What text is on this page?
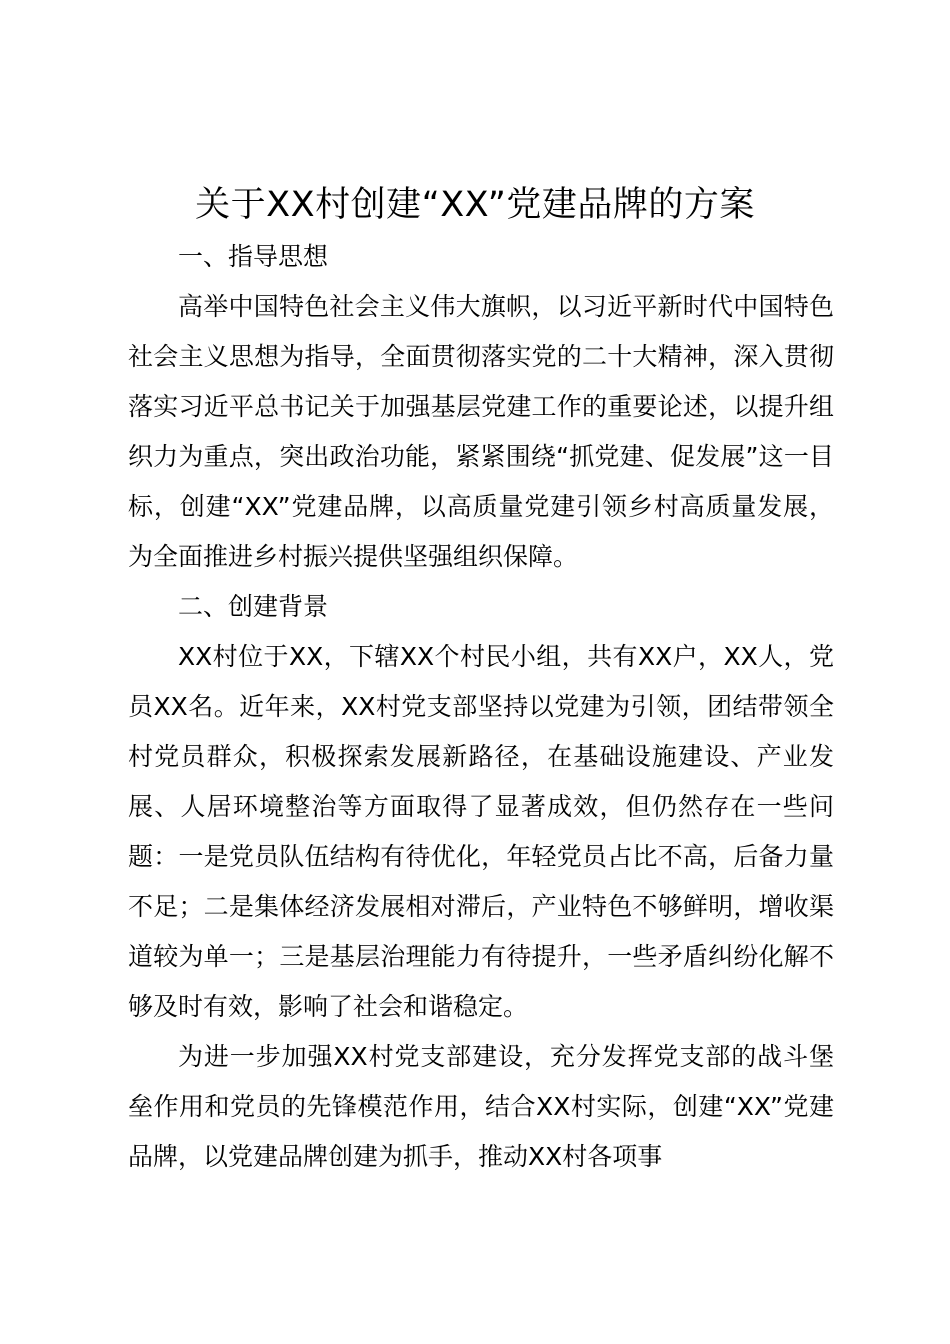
关于XX村创建“XX”党建品牌的方案
一、指导思想

高举中国特色社会主义伟大旗帜，以习近平新时代中国特色社会主义思想为指导，全面贯彻落实党的二十大精神，深入贯彻落实习近平总书记关于加强基层党建工作的重要论述，以提升组织力为重点，突出政治功能，紧紧围绕“抓党建、促发展”这一目标，创建“XX”党建品牌，以高质量党建引领乡村高质量发展，为全面推进乡村振兴提供坚强组织保障。

二、创建背景

XX村位于XX，下辖XX个村民小组，共有XX户，XX人，党员XX名。近年来，XX村党支部坚持以党建为引领，团结带领全村党员群众，积极探索发展新路径，在基础设施建设、产业发展、人居环境整治等方面取得了显著成效，但仍然存在一些问题：一是党员队伍结构有待优化，年轻党员占比不高，后备力量不足；二是集体经济发展相对滞后，产业特色不够鲜明，增收渠道较为单一；三是基层治理能力有待提升，一些矛盾纠纷化解不够及时有效，影响了社会和谐稳定。

为进一步加强XX村党支部建设，充分发挥党支部的战斗堡垒作用和党员的先锋模范作用，结合XX村实际，创建“XX”党建品牌，以党建品牌创建为抓手，推动XX村各项事
